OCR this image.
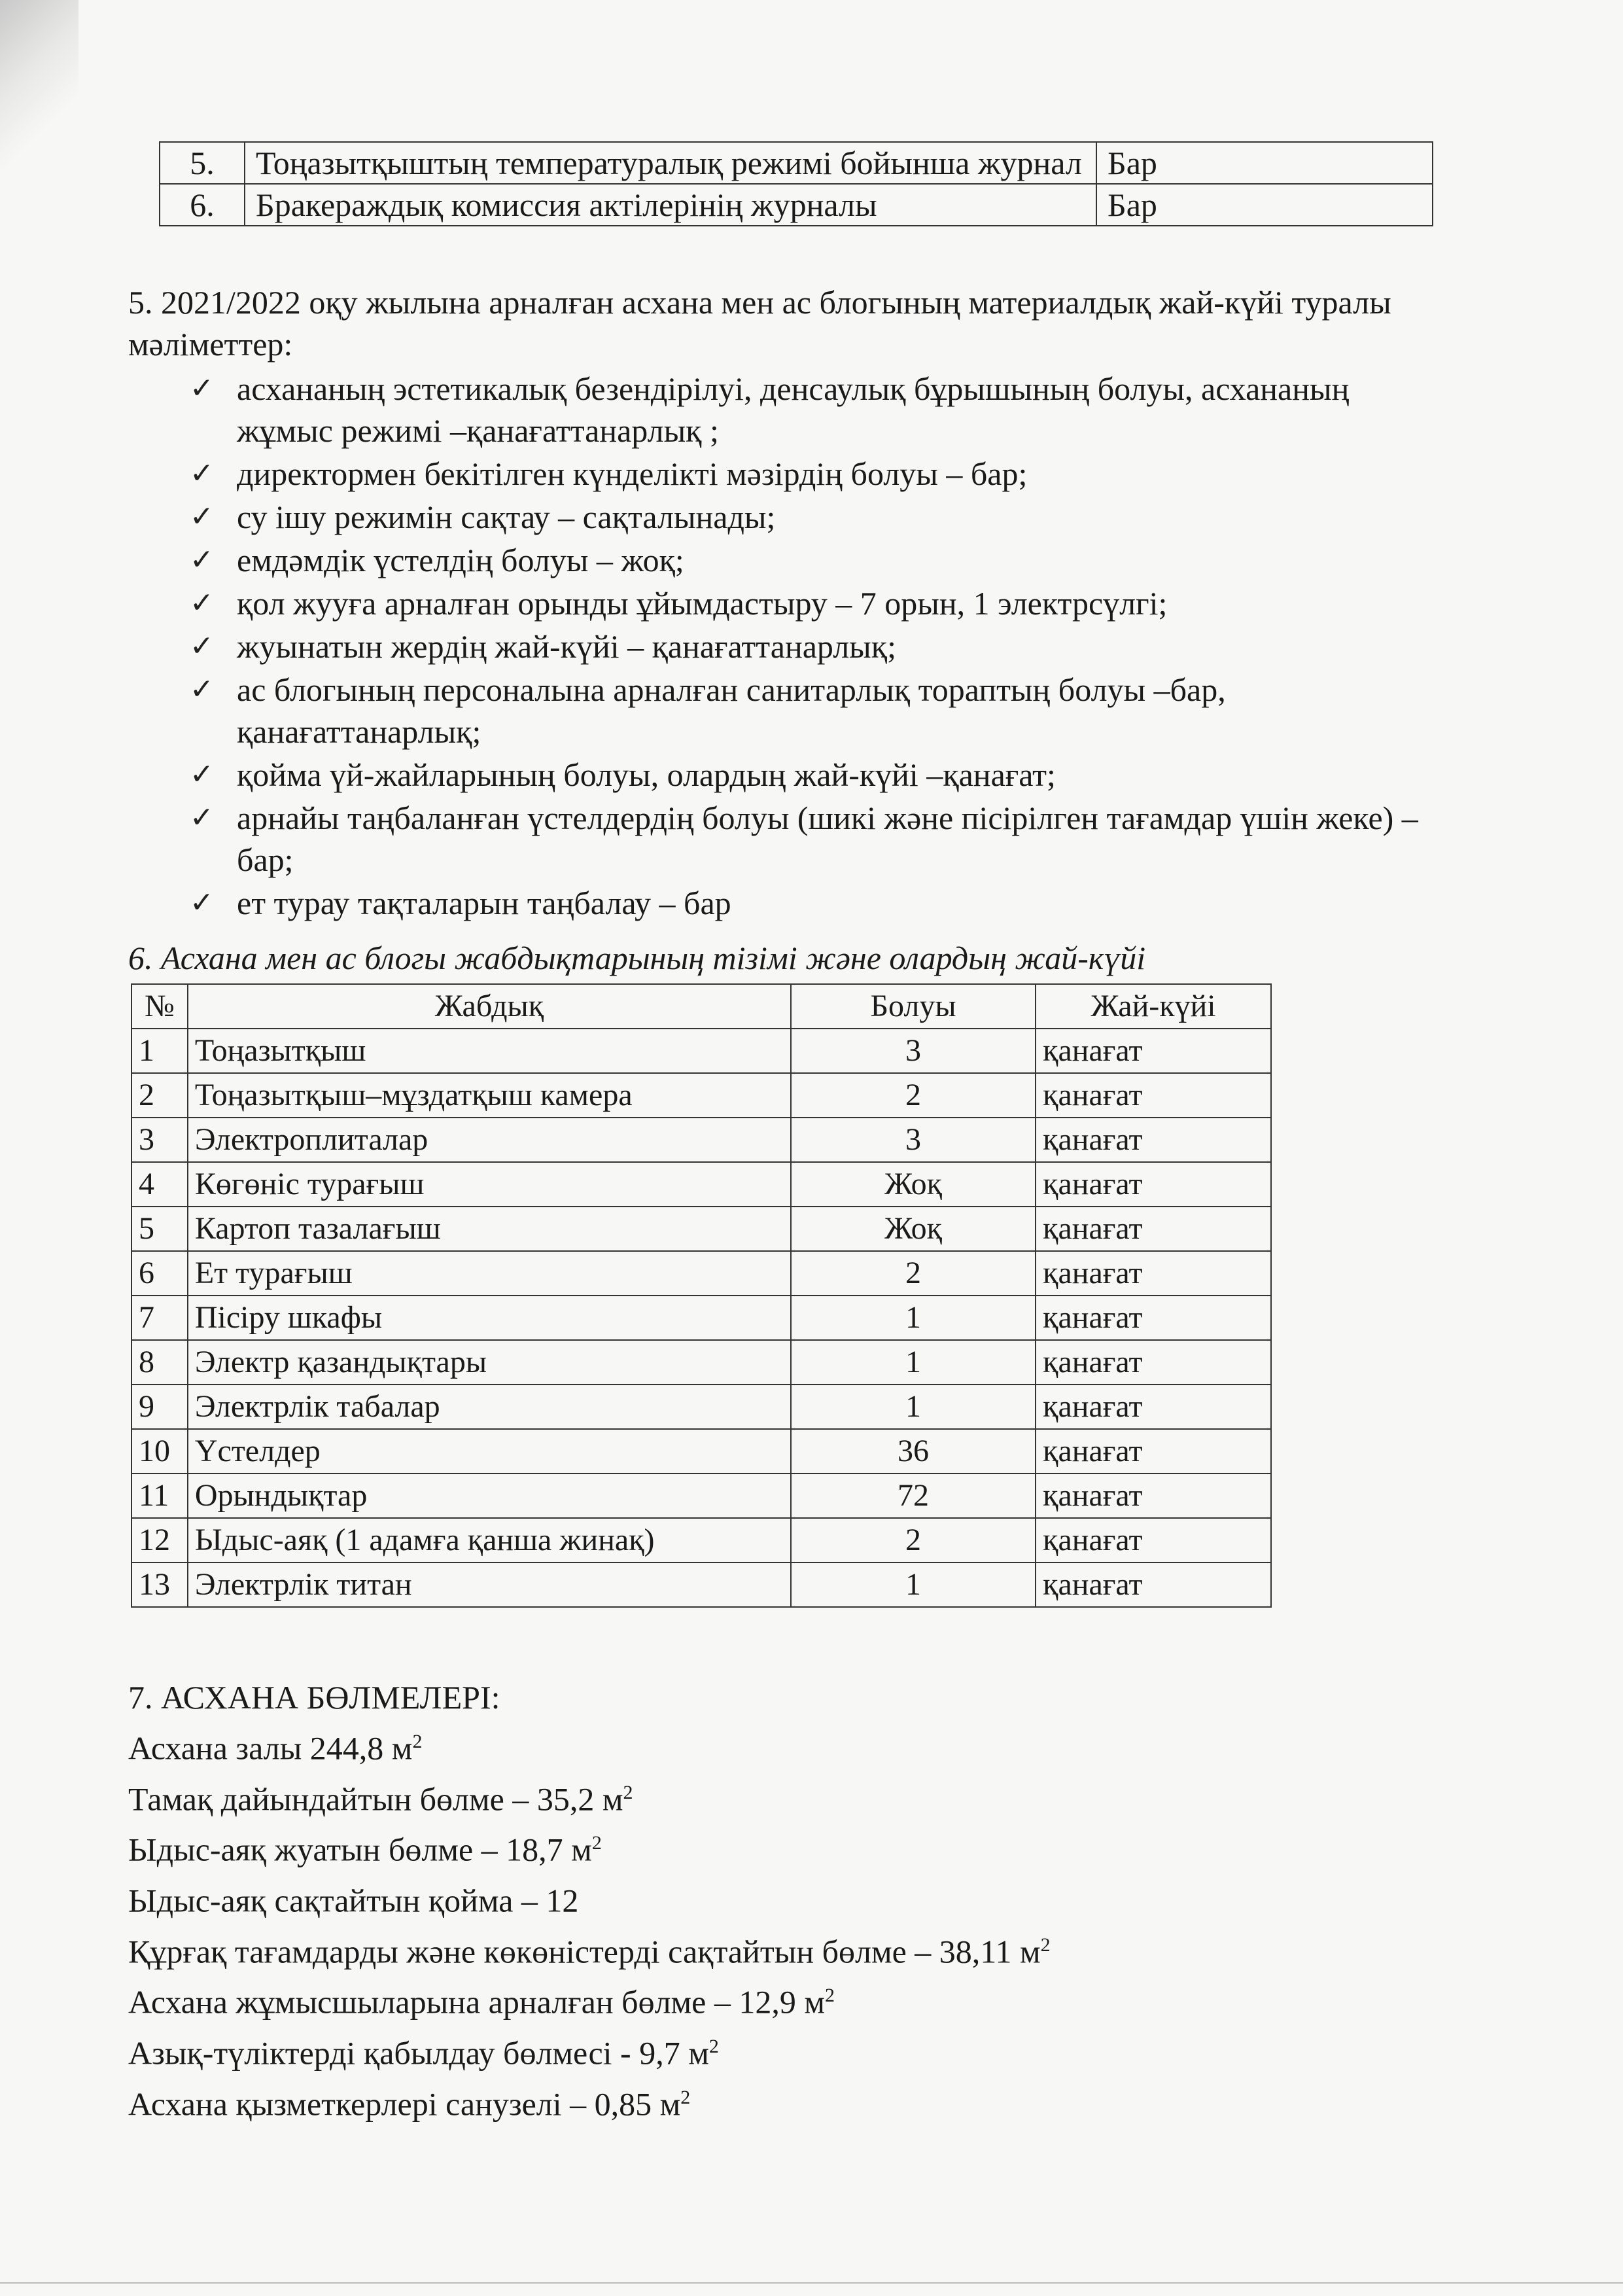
5.	Тоңазытқыштың температуралық режимі бойынша журнал	Бар
6.	Бракераждық комиссия актілерінің журналы	Бар
5. 2021/2022 оқу жылына арналған асхана мен ас блогының материалдық жай-күйі туралы мәліметтер:
✓ асхананың эстетикалық безендірілуі, денсаулық бұрышының болуы, асхананың жұмыс режимі –қанағаттанарлық ;
✓ директормен бекітілген күнделікті мәзірдің болуы – бар;
✓ су ішу режимін сақтау – сақталынады;
✓ емдәмдік үстелдің болуы – жоқ;
✓ қол жууға арналған орынды ұйымдастыру – 7 орын, 1 электрсүлгі;
✓ жуынатын жердің жай-күйі – қанағаттанарлық;
✓ ас блогының персоналына арналған санитарлық тораптың болуы –бар, қанағаттанарлық;
✓ қойма үй-жайларының болуы, олардың жай-күйі –қанағат;
✓ арнайы таңбаланған үстелдердің болуы (шикі және пісірілген тағамдар үшін жеке) – бар;
✓ ет турау тақталарын таңбалау – бар
6. Асхана мен ас блогы жабдықтарының тізімі және олардың жай-күйі
№	Жабдық	Болуы	Жай-күйі
1	Тоңазытқыш	3	қанағат
2	Тоңазытқыш–мұздатқыш камера	2	қанағат
3	Электроплиталар	3	қанағат
4	Көгөніс турағыш	Жоқ	қанағат
5	Картоп тазалағыш	Жоқ	қанағат
6	Ет турағыш	2	қанағат
7	Пісіру шкафы	1	қанағат
8	Электр қазандықтары	1	қанағат
9	Электрлік табалар	1	қанағат
10	Үстелдер	36	қанағат
11	Орындықтар	72	қанағат
12	Ыдыс-аяқ (1 адамға қанша жинақ)	2	қанағат
13	Электрлік титан	1	қанағат
7. АСХАНА БӨЛМЕЛЕРІ:
Асхана залы 244,8 $м^2$
Тамақ дайындайтын бөлме – 35,2 $м^2$
Ыдыс-аяқ жуатын бөлме – 18,7 $м^2$
Ыдыс-аяқ сақтайтын қойма – 12
Құрғақ тағамдарды және көкөністерді сақтайтын бөлме – 38,11 $м^2$
Асхана жұмысшыларына арналған бөлме – 12,9 $м^2$
Азық-түліктерді қабылдау бөлмесі - 9,7 $м^2$
Асхана қызметкерлері санузелі – 0,85 $м^2$
